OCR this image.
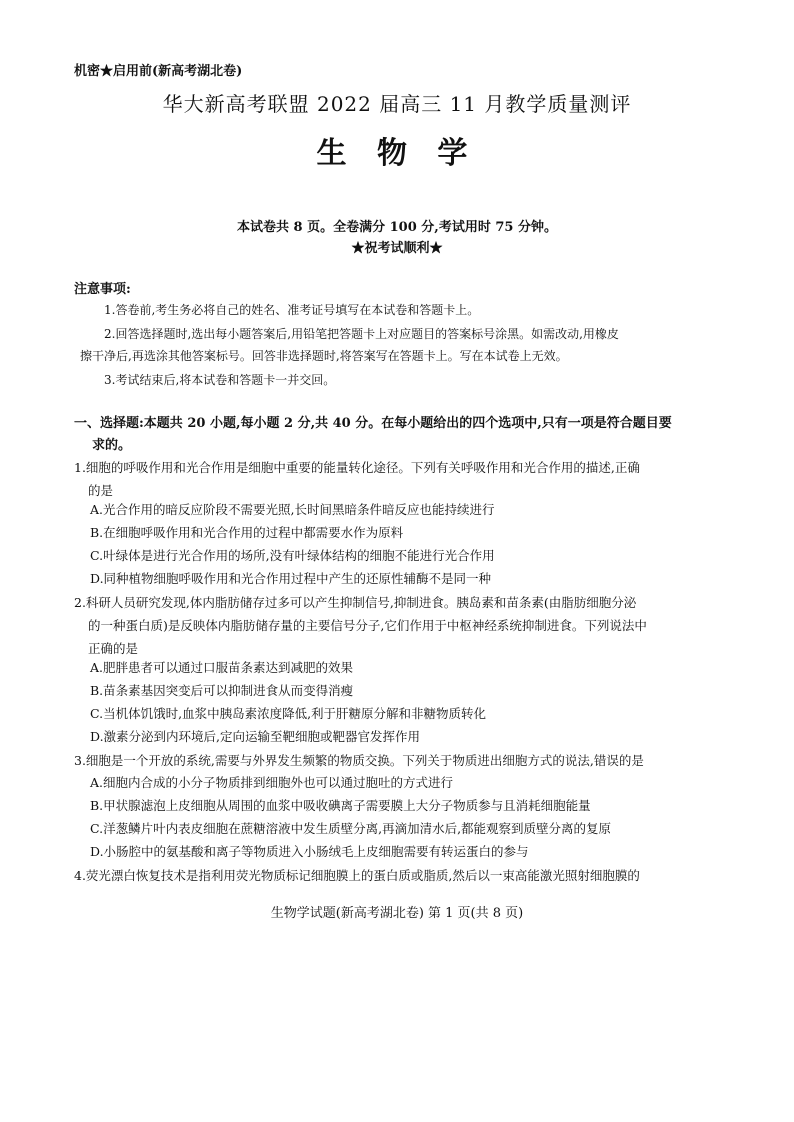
机密★启用前(新高考湖北卷)
华大新高考联盟 2022 届高三 11 月教学质量测评
生 物 学
本试卷共 8 页。全卷满分 100 分,考试用时 75 分钟。
★祝考试顺利★
注意事项:
1.答卷前,考生务必将自己的姓名、准考证号填写在本试卷和答题卡上。
2.回答选择题时,选出每小题答案后,用铅笔把答题卡上对应题目的答案标号涂黑。如需改动,用橡皮
擦干净后,再选涂其他答案标号。回答非选择题时,将答案写在答题卡上。写在本试卷上无效。
3.考试结束后,将本试卷和答题卡一并交回。
一、选择题:本题共 20 小题,每小题 2 分,共 40 分。在每小题给出的四个选项中,只有一项是符合题目要
求的。
1.细胞的呼吸作用和光合作用是细胞中重要的能量转化途径。下列有关呼吸作用和光合作用的描述,正确
的是
A.光合作用的暗反应阶段不需要光照,长时间黑暗条件暗反应也能持续进行
B.在细胞呼吸作用和光合作用的过程中都需要水作为原料
C.叶绿体是进行光合作用的场所,没有叶绿体结构的细胞不能进行光合作用
D.同种植物细胞呼吸作用和光合作用过程中产生的还原性辅酶不是同一种
2.科研人员研究发现,体内脂肪储存过多可以产生抑制信号,抑制进食。胰岛素和苗条素(由脂肪细胞分泌
的一种蛋白质)是反映体内脂肪储存量的主要信号分子,它们作用于中枢神经系统抑制进食。下列说法中
正确的是
A.肥胖患者可以通过口服苗条素达到减肥的效果
B.苗条素基因突变后可以抑制进食从而变得消瘦
C.当机体饥饿时,血浆中胰岛素浓度降低,利于肝糖原分解和非糖物质转化
D.激素分泌到内环境后,定向运输至靶细胞或靶器官发挥作用
3.细胞是一个开放的系统,需要与外界发生频繁的物质交换。下列关于物质进出细胞方式的说法,错误的是
A.细胞内合成的小分子物质排到细胞外也可以通过胞吐的方式进行
B.甲状腺滤泡上皮细胞从周围的血浆中吸收碘离子需要膜上大分子物质参与且消耗细胞能量
C.洋葱鳞片叶内表皮细胞在蔗糖溶液中发生质壁分离,再滴加清水后,都能观察到质壁分离的复原
D.小肠腔中的氨基酸和离子等物质进入小肠绒毛上皮细胞需要有转运蛋白的参与
4.荧光漂白恢复技术是指利用荧光物质标记细胞膜上的蛋白质或脂质,然后以一束高能激光照射细胞膜的
生物学试题(新高考湖北卷) 第 1 页(共 8 页)
